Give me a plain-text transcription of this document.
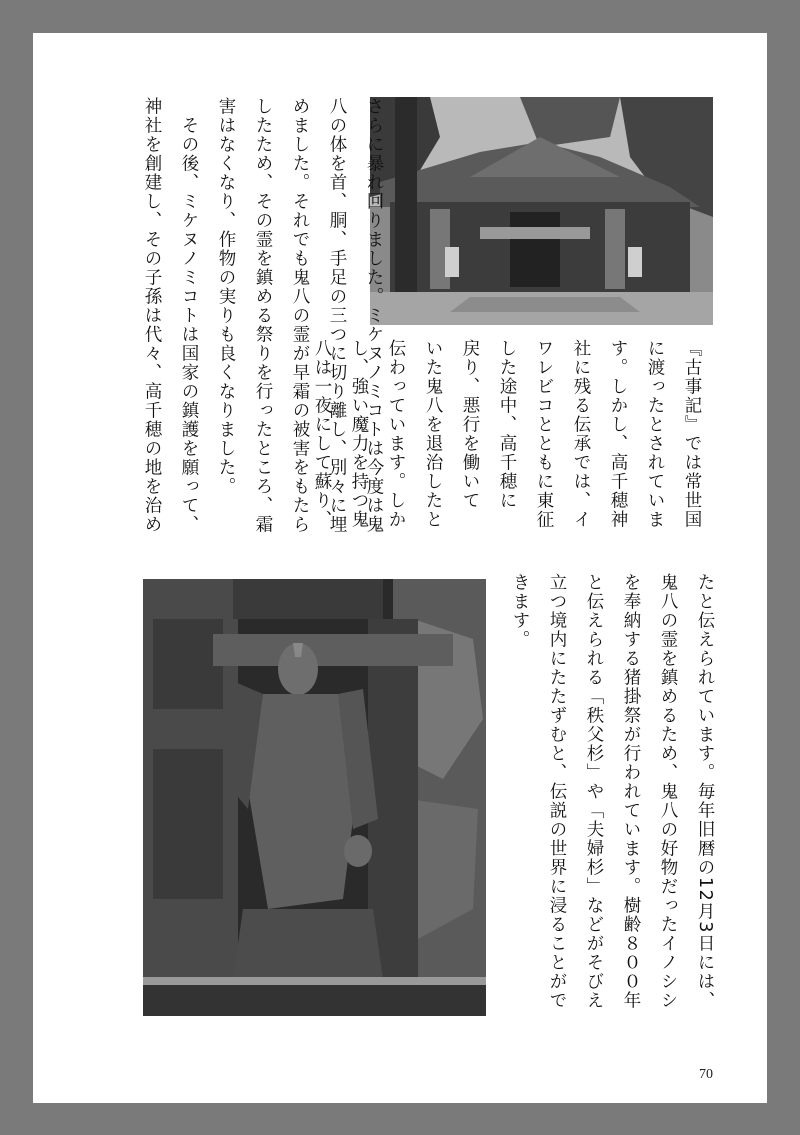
『古事記』では常世国
に渡ったとされていま
す。しかし、高千穂神
社に残る伝承では、イ
ワレビコとともに東征
した途中、高千穂に
戻り、悪行を働いて
いた鬼八を退治したと
伝わっています。しか
し、強い魔力を持つ鬼
八は一夜にして蘇り、	さらに暴れ回りました。ミケヌノミコトは今度は鬼
八の体を首、胴、手足の三つに切り離し、別々に埋
めました。それでも鬼八の霊が早霜の被害をもたら
したため、その霊を鎮める祭りを行ったところ、霜
害はなくなり、作物の実りも良くなりました。
　その後、ミケヌノミコトは国家の鎮護を願って、
神社を創建し、その子孫は代々、高千穂の地を治め
たと伝えられています。毎年旧暦の12月3日には、
鬼八の霊を鎮めるため、鬼八の好物だったイノシシ
を奉納する猪掛祭が行われています。樹齢８００年
と伝えられる「秩父杉」や「夫婦杉」などがそびえ
立つ境内にたたずむと、伝説の世界に浸ることがで
きます。
70
